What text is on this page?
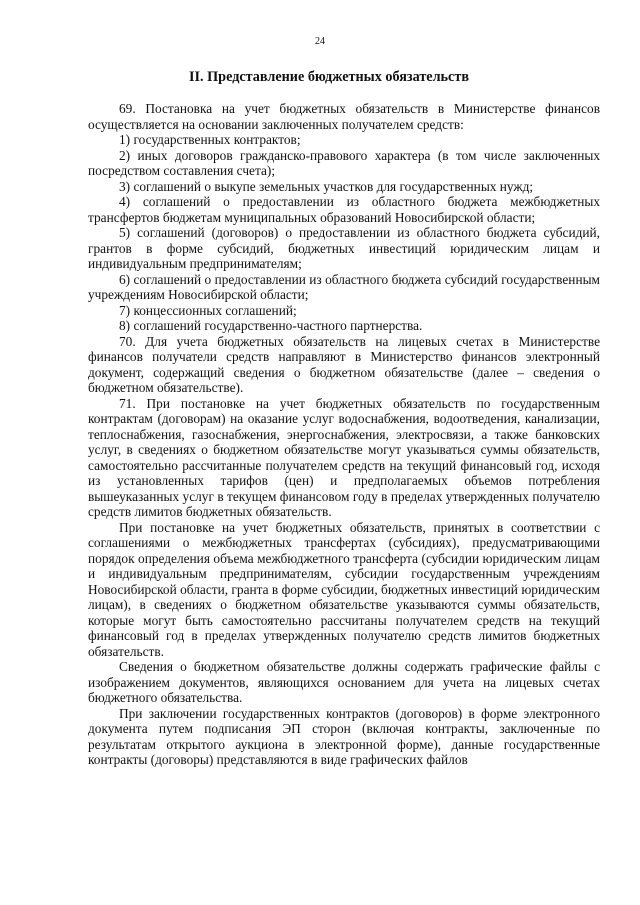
24
II. Представление бюджетных обязательств

69. Постановка на учет бюджетных обязательств в Министерстве финансов осуществляется на основании заключенных получателем средств:

1) государственных контрактов;

2) иных договоров гражданско-правового характера (в том числе заключенных посредством составления счета);

3) соглашений о выкупе земельных участков для государственных нужд;

4) соглашений о предоставлении из областного бюджета межбюджетных трансфертов бюджетам муниципальных образований Новосибирской области;

5) соглашений (договоров) о предоставлении из областного бюджета субсидий, грантов в форме субсидий, бюджетных инвестиций юридическим лицам и индивидуальным предпринимателям;

6) соглашений о предоставлении из областного бюджета субсидий государственным учреждениям Новосибирской области;

7) концессионных соглашений;

8) соглашений государственно-частного партнерства.

70. Для учета бюджетных обязательств на лицевых счетах в Министерстве финансов получатели средств направляют в Министерство финансов электронный документ, содержащий сведения о бюджетном обязательстве (далее – сведения о бюджетном обязательстве).

71. При постановке на учет бюджетных обязательств по государственным контрактам (договорам) на оказание услуг водоснабжения, водоотведения, канализации, теплоснабжения, газоснабжения, энергоснабжения, электросвязи, а также банковских услуг, в сведениях о бюджетном обязательстве могут указываться суммы обязательств, самостоятельно рассчитанные получателем средств на текущий финансовый год, исходя из установленных тарифов (цен) и предполагаемых объемов потребления вышеуказанных услуг в текущем финансовом году в пределах утвержденных получателю средств лимитов бюджетных обязательств.

При постановке на учет бюджетных обязательств, принятых в соответствии с соглашениями о межбюджетных трансфертах (субсидиях), предусматривающими порядок определения объема межбюджетного трансферта (субсидии юридическим лицам и индивидуальным предпринимателям, субсидии государственным учреждениям Новосибирской области, гранта в форме субсидии, бюджетных инвестиций юридическим лицам), в сведениях о бюджетном обязательстве указываются суммы обязательств, которые могут быть самостоятельно рассчитаны получателем средств на текущий финансовый год в пределах утвержденных получателю средств лимитов бюджетных обязательств.

Сведения о бюджетном обязательстве должны содержать графические файлы с изображением документов, являющихся основанием для учета на лицевых счетах бюджетного обязательства.

При заключении государственных контрактов (договоров) в форме электронного документа путем подписания ЭП сторон (включая контракты, заключенные по результатам открытого аукциона в электронной форме), данные государственные контракты (договоры) представляются в виде графических файлов
